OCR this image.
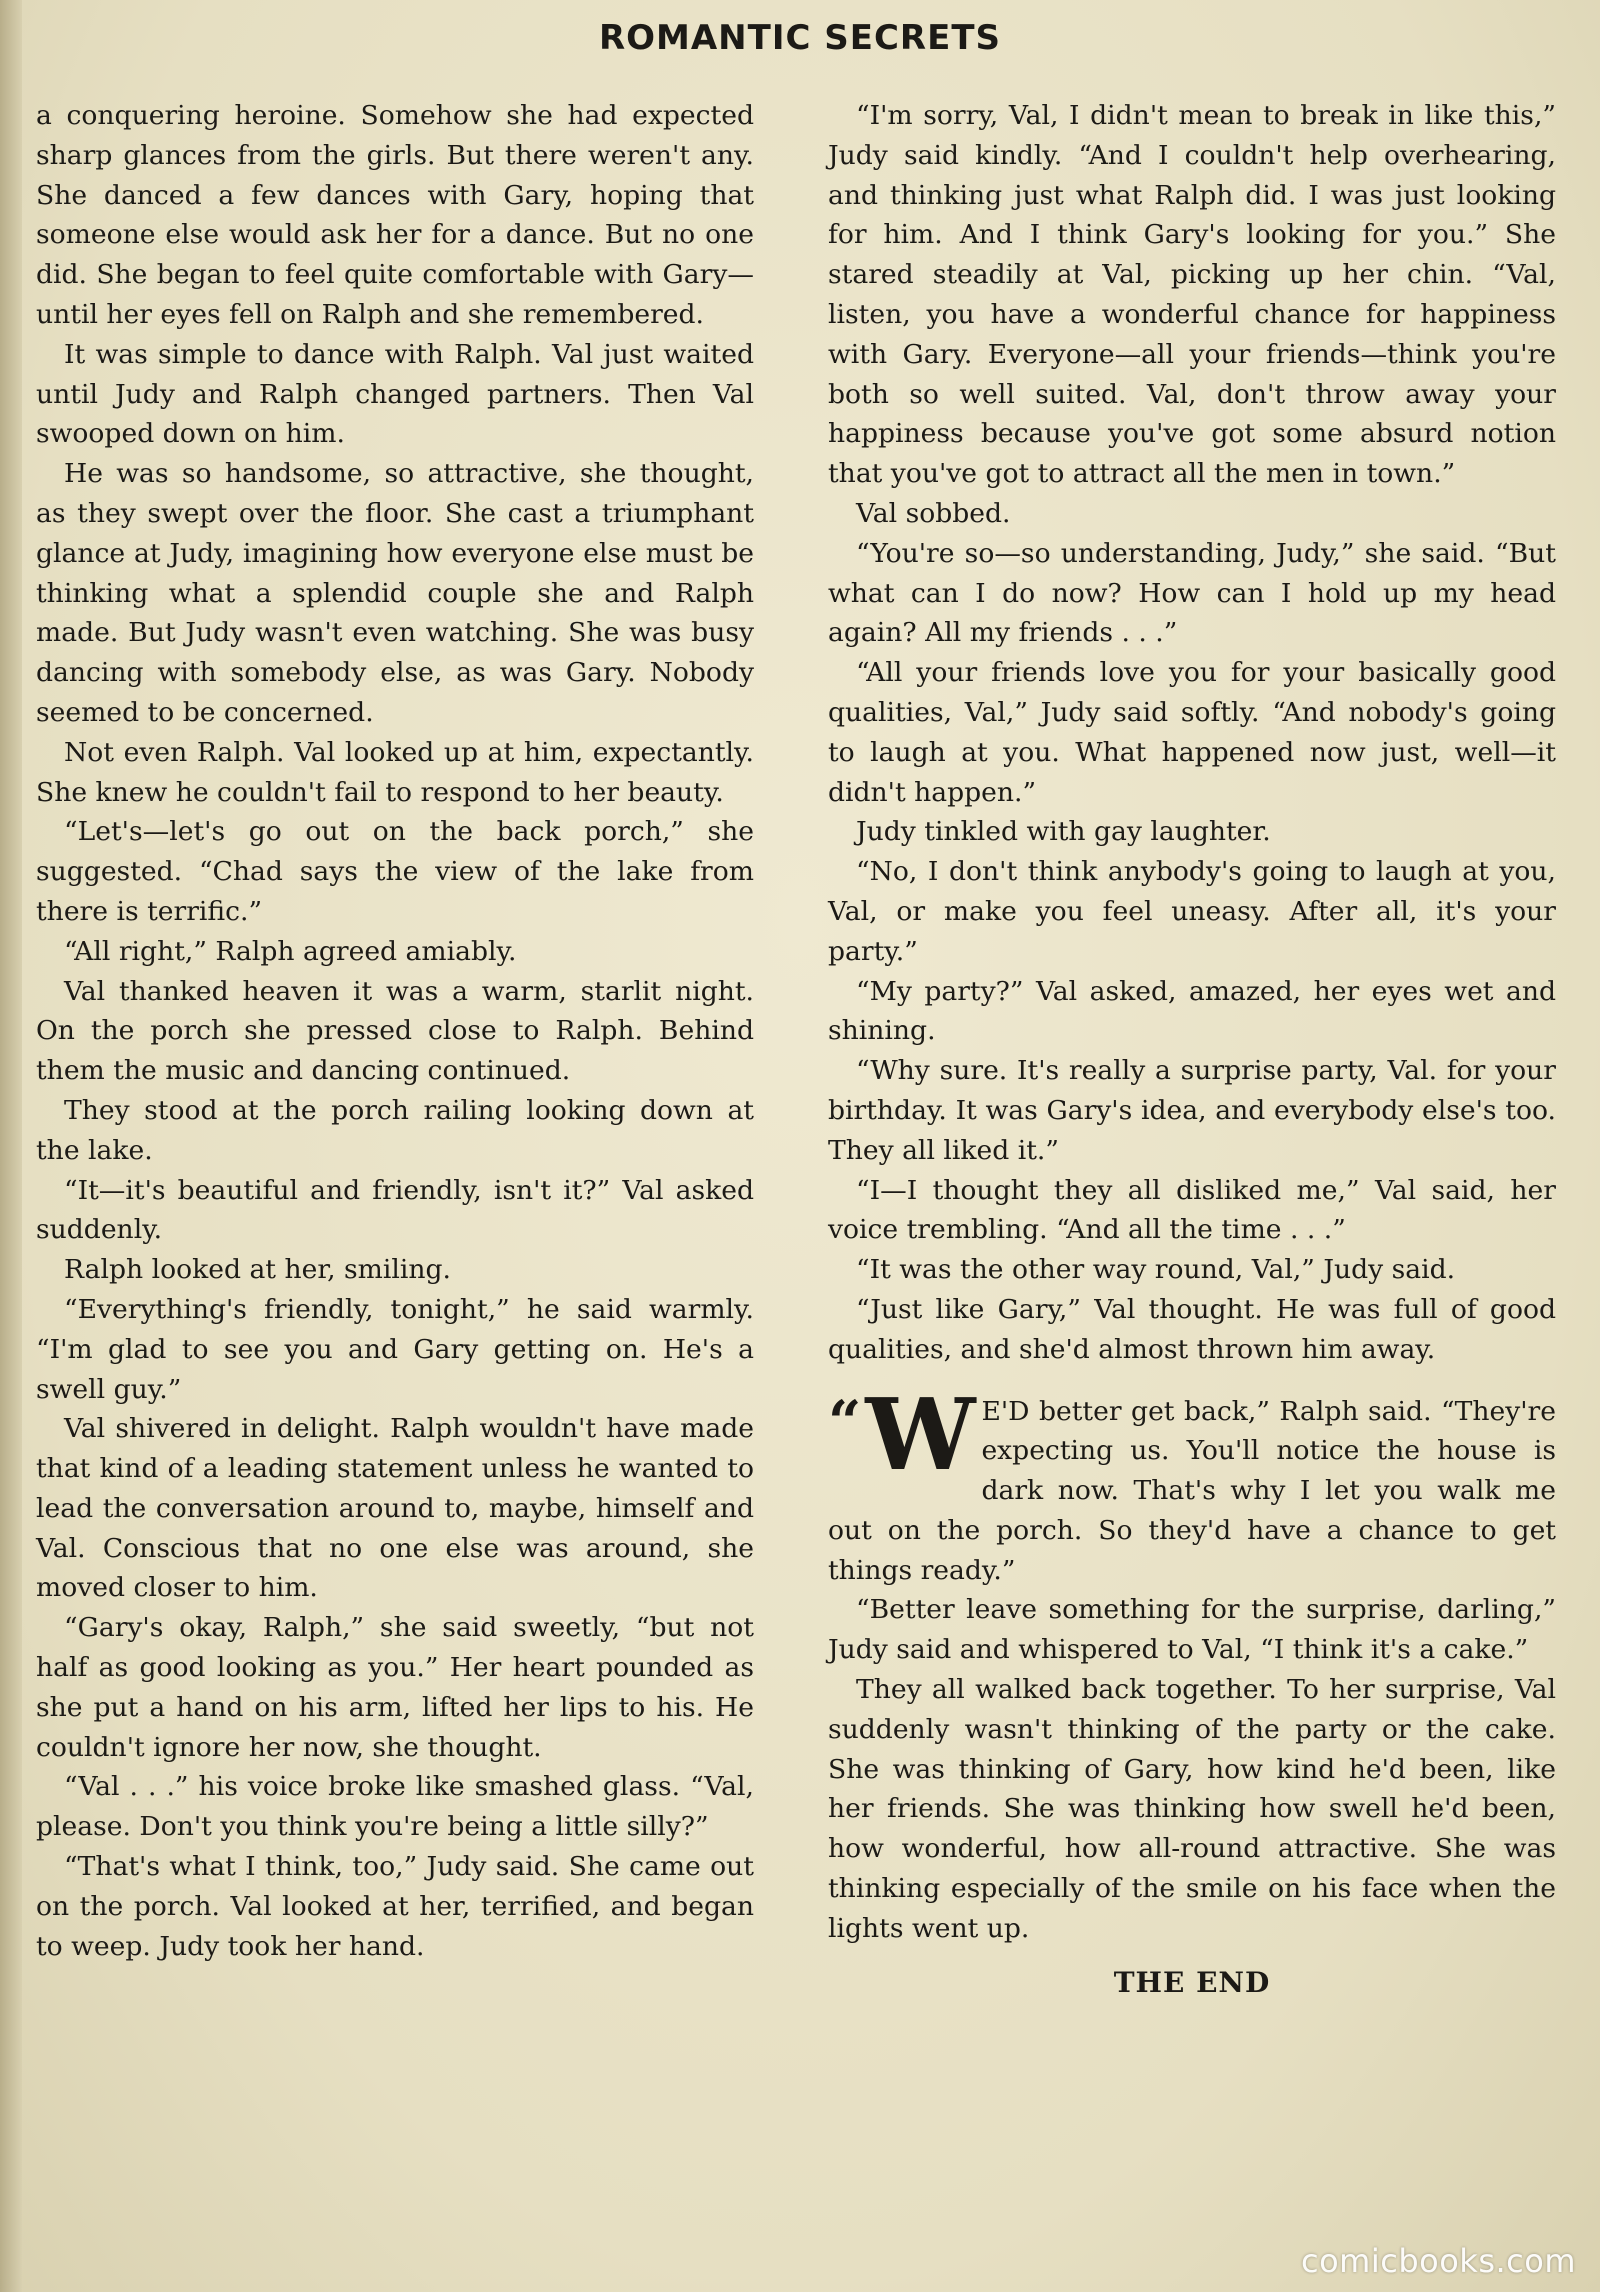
ROMANTIC SECRETS

a conquering heroine. Somehow she had expected sharp glances from the girls. But there weren't any. She danced a few dances with Gary, hoping that someone else would ask her for a dance. But no one did. She began to feel quite comfortable with Gary—until her eyes fell on Ralph and she remembered.

It was simple to dance with Ralph. Val just waited until Judy and Ralph changed partners. Then Val swooped down on him.

He was so handsome, so attractive, she thought, as they swept over the floor. She cast a triumphant glance at Judy, imagining how everyone else must be thinking what a splendid couple she and Ralph made. But Judy wasn't even watching. She was busy dancing with somebody else, as was Gary. Nobody seemed to be concerned.

Not even Ralph. Val looked up at him, expectantly. She knew he couldn't fail to respond to her beauty.

“Let's—let's go out on the back porch,” she suggested. “Chad says the view of the lake from there is terrific.”

“All right,” Ralph agreed amiably.

Val thanked heaven it was a warm, starlit night. On the porch she pressed close to Ralph. Behind them the music and dancing continued.

They stood at the porch railing looking down at the lake.

“It—it's beautiful and friendly, isn't it?” Val asked suddenly.

Ralph looked at her, smiling.

“Everything's friendly, tonight,” he said warmly. “I'm glad to see you and Gary getting on. He's a swell guy.”

Val shivered in delight. Ralph wouldn't have made that kind of a leading statement unless he wanted to lead the conversation around to, maybe, himself and Val. Conscious that no one else was around, she moved closer to him.

“Gary's okay, Ralph,” she said sweetly, “but not half as good looking as you.” Her heart pounded as she put a hand on his arm, lifted her lips to his. He couldn't ignore her now, she thought.

“Val . . .” his voice broke like smashed glass. “Val, please. Don't you think you're being a little silly?”

“That's what I think, too,” Judy said. She came out on the porch. Val looked at her, terrified, and began to weep. Judy took her hand.

“I'm sorry, Val, I didn't mean to break in like this,” Judy said kindly. “And I couldn't help overhearing, and thinking just what Ralph did. I was just looking for him. And I think Gary's looking for you.” She stared steadily at Val, picking up her chin. “Val, listen, you have a wonderful chance for happiness with Gary. Everyone—all your friends—think you're both so well suited. Val, don't throw away your happiness because you've got some absurd notion that you've got to attract all the men in town.”

Val sobbed.

“You're so—so understanding, Judy,” she said. “But what can I do now? How can I hold up my head again? All my friends . . .”

“All your friends love you for your basically good qualities, Val,” Judy said softly. “And nobody's going to laugh at you. What happened now just, well—it didn't happen.”

Judy tinkled with gay laughter.

“No, I don't think anybody's going to laugh at you, Val, or make you feel uneasy. After all, it's your party.”

“My party?” Val asked, amazed, her eyes wet and shining.

“Why sure. It's really a surprise party, Val. for your birthday. It was Gary's idea, and everybody else's too. They all liked it.”

“I—I thought they all disliked me,” Val said, her voice trembling. “And all the time . . .”

“It was the other way round, Val,” Judy said.

“Just like Gary,” Val thought. He was full of good qualities, and she'd almost thrown him away.

“ W E'D better get back,” Ralph said. “They're expecting us. You'll notice the house is dark now. That's why I let you walk me out on the porch. So they'd have a chance to get things ready.”

“Better leave something for the surprise, darling,” Judy said and whispered to Val, “I think it's a cake.”

They all walked back together. To her surprise, Val suddenly wasn't thinking of the party or the cake. She was thinking of Gary, how kind he'd been, like her friends. She was thinking how swell he'd been, how wonderful, how all-round attractive. She was thinking especially of the smile on his face when the lights went up.

THE END
comicbooks.com
